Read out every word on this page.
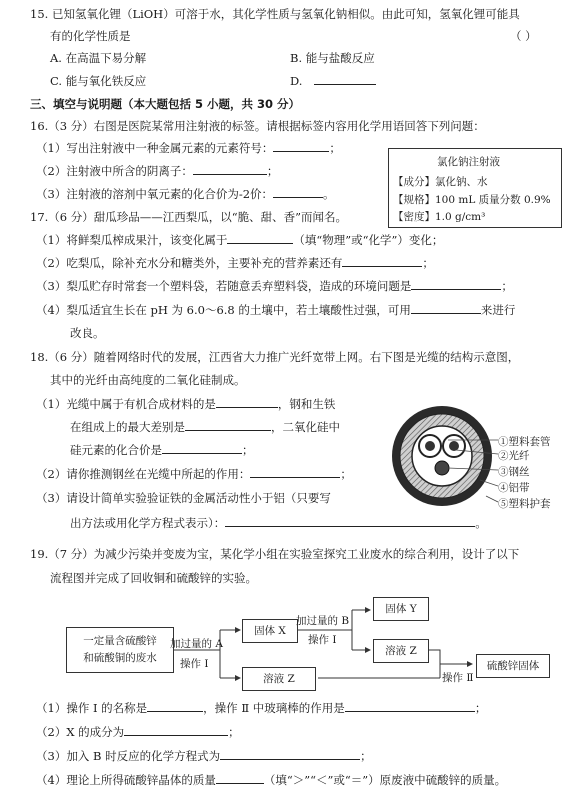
15. 已知氢氧化锂（LiOH）可溶于水，其化学性质与氢氧化钠相似。由此可知，氢氧化锂可能具
有的化学性质是	（ ）
A. 在高温下易分解	B. 能与盐酸反应
C. 能与氧化铁反应	D.
三、填空与说明题（本大题包括 5 小题，共 30 分）
16.（3 分）右图是医院某常用注射液的标签。请根据标签内容用化学用语回答下列问题：
（1）写出注射液中一种金属元素的元素符号：	；
（2）注射液中所含的阴离子：	；
（3）注射液的溶剂中氧元素的化合价为-2价：	。
氯化钠注射液
【成分】氯化钠、水
【规格】100 mL 质量分数 0.9%
【密度】1.0 g/cm³
17.（6 分）甜瓜珍品——江西梨瓜，以“脆、甜、香”而闻名。
（1）将鲜梨瓜榨成果汁，该变化属于	（填“物理”或“化学”）变化；
（2）吃梨瓜，除补充水分和糖类外，主要补充的营养素还有	；
（3）梨瓜贮存时常套一个塑料袋，若随意丢弃塑料袋，造成的环境问题是	；
（4）梨瓜适宜生长在 pH 为 6.0～6.8 的土壤中，若土壤酸性过强，可用	来进行
改良。
18.（6 分）随着网络时代的发展，江西省大力推广光纤宽带上网。右下图是光缆的结构示意图，
其中的光纤由高纯度的二氧化硅制成。
（1）光缆中属于有机合成材料的是	，钢和生铁
在组成上的最大差别是	，二氧化硅中
硅元素的化合价是	；
（2）请你推测钢丝在光缆中所起的作用：	；
（3）请设计简单实验验证铁的金属活动性小于铝（只要写
出方法或用化学方程式表示）：	。
①塑料套管
②光纤
③钢丝
④铝带
⑤塑料护套
19.（7 分）为减少污染并变废为宝，某化学小组在实验室探究工业废水的综合利用，设计了以下
流程图并完成了回收铜和硫酸锌的实验。
一定量含硫酸锌
和硫酸铜的废水
加过量的 A
操作 Ⅰ
固体 X
溶液 Z
加过量的 B
操作 Ⅰ
固体 Y
溶液 Z
操作 Ⅱ
硫酸锌固体
（1）操作 Ⅰ 的名称是	，操作 Ⅱ 中玻璃棒的作用是	；
（2）X 的成分为	；
（3）加入 B 时反应的化学方程式为	；
（4）理论上所得硫酸锌晶体的质量	（填“＞”“＜”或“＝”）原废液中硫酸锌的质量。
